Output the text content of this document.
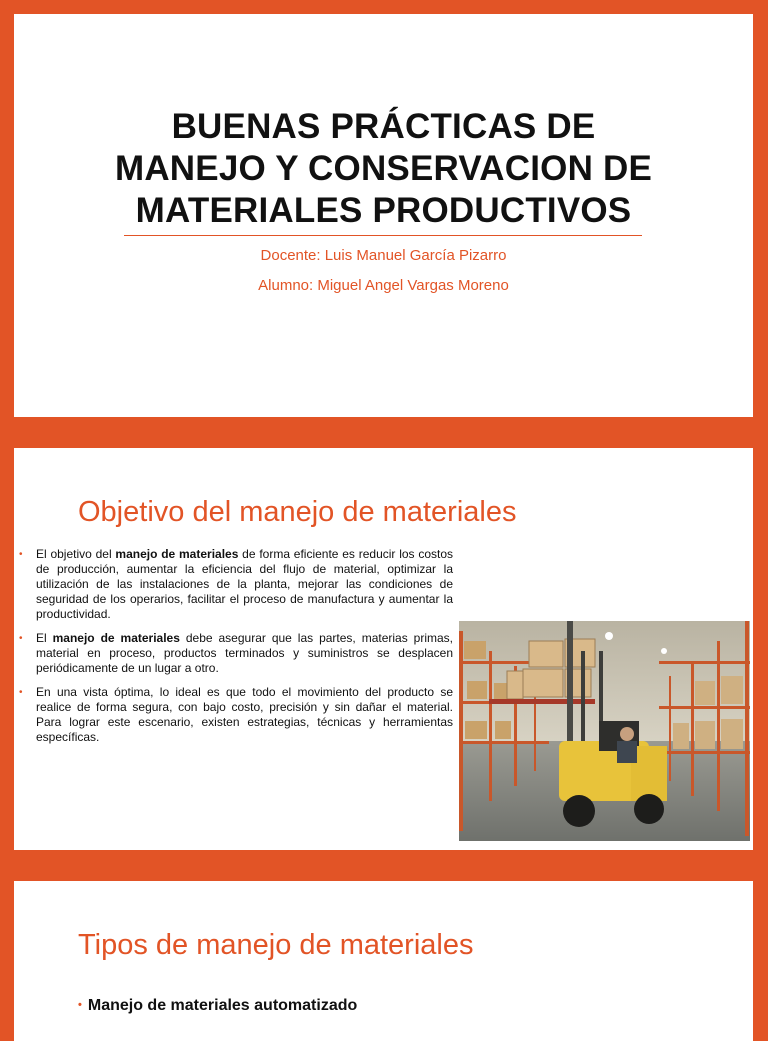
BUENAS PRÁCTICAS DE
MANEJO Y CONSERVACION DE
MATERIALES PRODUCTIVOS
Docente: Luis Manuel García Pizarro
Alumno: Miguel Angel Vargas Moreno
Objetivo del manejo de materiales
• El objetivo del manejo de materiales de forma eficiente es reducir los costos de producción, aumentar la eficiencia del flujo de material, optimizar la utilización de las instalaciones de la planta, mejorar las condiciones de seguridad de los operarios, facilitar el proceso de manufactura y aumentar la productividad.
• El manejo de materiales debe asegurar que las partes, materias primas, material en proceso, productos terminados y suministros se desplacen periódicamente de un lugar a otro.
• En una vista óptima, lo ideal es que todo el movimiento del producto se realice de forma segura, con bajo costo, precisión y sin dañar el material. Para lograr este escenario, existen estrategias, técnicas y herramientas específicas.
Tipos de manejo de materiales
• Manejo de materiales automatizado
